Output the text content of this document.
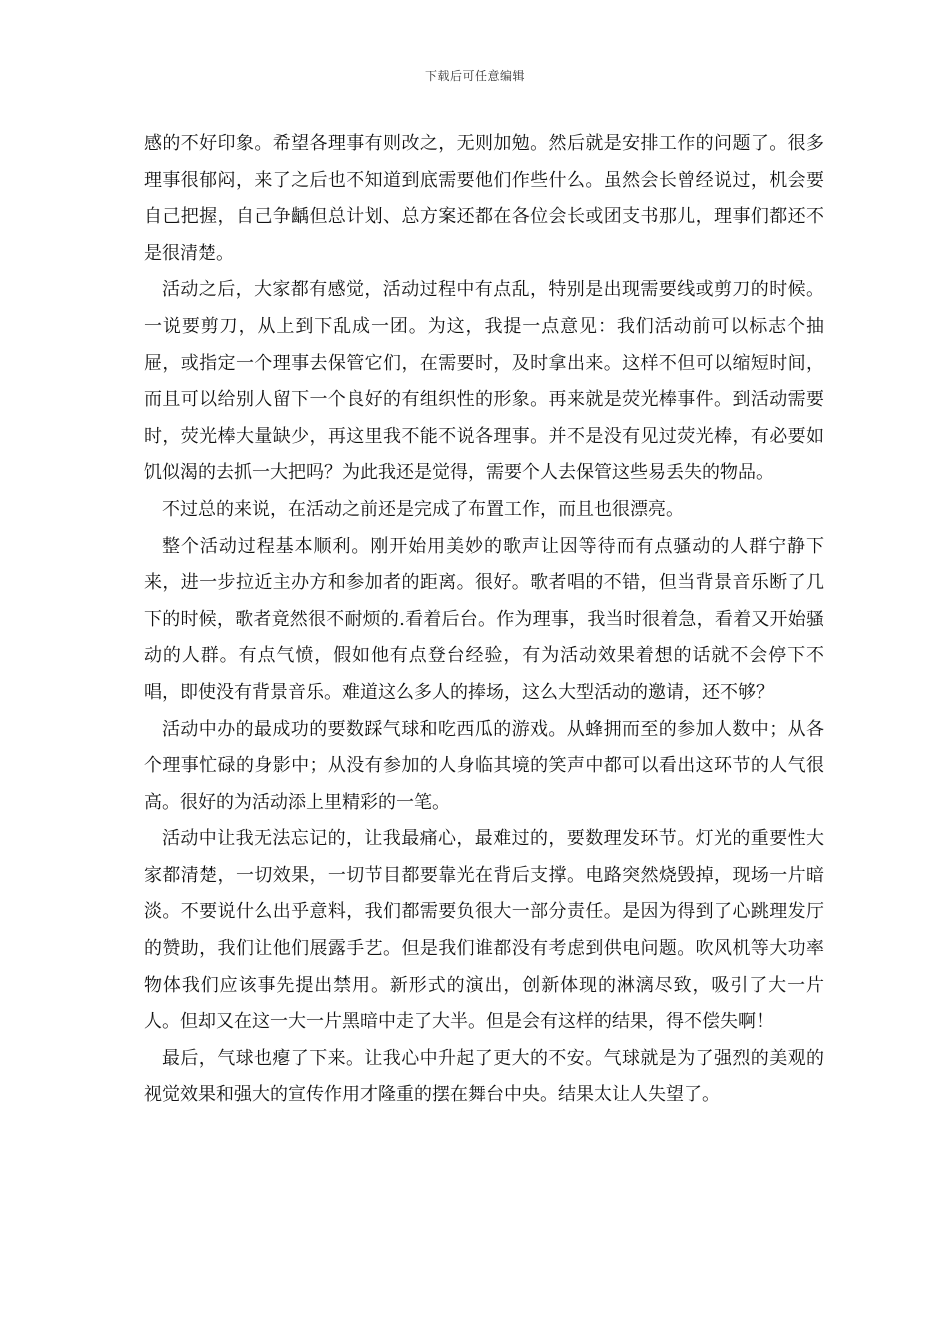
下载后可任意编辑

感的不好印象。希望各理事有则改之，无则加勉。然后就是安排工作的问题了。很多理事很郁闷，来了之后也不知道到底需要他们作些什么。虽然会长曾经说过，机会要自己把握，自己争齲但总计划、总方案还都在各位会长或团支书那儿，理事们都还不是很清楚。

活动之后，大家都有感觉，活动过程中有点乱，特别是出现需要线或剪刀的时候。一说要剪刀，从上到下乱成一团。为这，我提一点意见：我们活动前可以标志个抽屉，或指定一个理事去保管它们，在需要时，及时拿出来。这样不但可以缩短时间，而且可以给别人留下一个良好的有组织性的形象。再来就是荧光棒事件。到活动需要时，荧光棒大量缺少，再这里我不能不说各理事。并不是没有见过荧光棒，有必要如饥似渴的去抓一大把吗？为此我还是觉得，需要个人去保管这些易丢失的物品。

不过总的来说，在活动之前还是完成了布置工作，而且也很漂亮。

整个活动过程基本顺利。刚开始用美妙的歌声让因等待而有点骚动的人群宁静下来，进一步拉近主办方和参加者的距离。很好。歌者唱的不错，但当背景音乐断了几下的时候，歌者竟然很不耐烦的.看着后台。作为理事，我当时很着急，看着又开始骚动的人群。有点气愤，假如他有点登台经验，有为活动效果着想的话就不会停下不唱，即使没有背景音乐。难道这么多人的捧场，这么大型活动的邀请，还不够？

活动中办的最成功的要数踩气球和吃西瓜的游戏。从蜂拥而至的参加人数中；从各个理事忙碌的身影中；从没有参加的人身临其境的笑声中都可以看出这环节的人气很高。很好的为活动添上里精彩的一笔。

活动中让我无法忘记的，让我最痛心，最难过的，要数理发环节。灯光的重要性大家都清楚，一切效果，一切节目都要靠光在背后支撑。电路突然烧毁掉，现场一片暗淡。不要说什么出乎意料，我们都需要负很大一部分责任。是因为得到了心跳理发厅的赞助，我们让他们展露手艺。但是我们谁都没有考虑到供电问题。吹风机等大功率物体我们应该事先提出禁用。新形式的演出，创新体现的淋漓尽致，吸引了大一片人。但却又在这一大一片黑暗中走了大半。但是会有这样的结果，得不偿失啊！

最后，气球也瘪了下来。让我心中升起了更大的不安。气球就是为了强烈的美观的视觉效果和强大的宣传作用才隆重的摆在舞台中央。结果太让人失望了。
